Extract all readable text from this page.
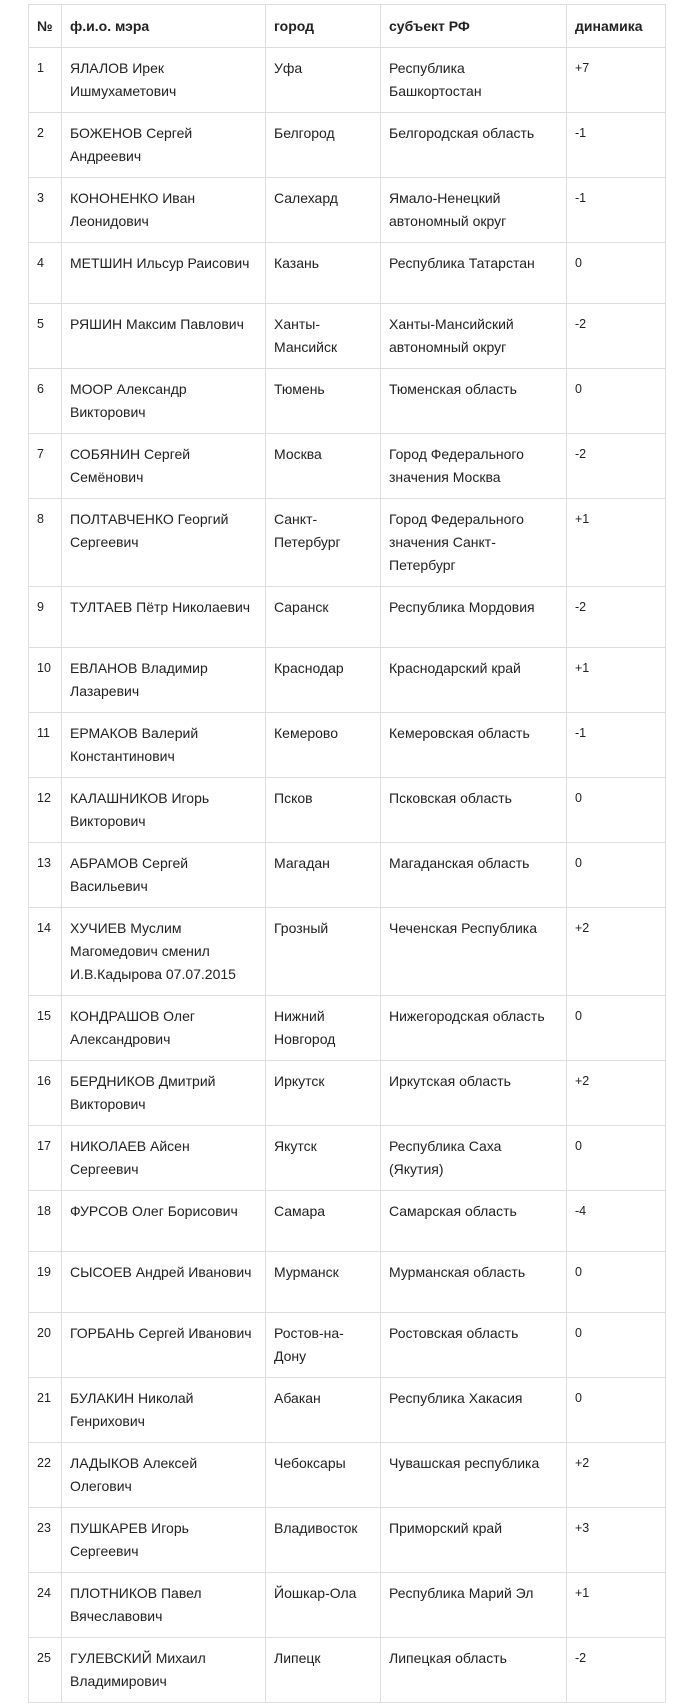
№	ф.и.о. мэра	город	субъект РФ	динамика
1	ЯЛАЛОВ Ирек Ишмухаметович	Уфа	Республика Башкортостан	+7
2	БОЖЕНОВ Сергей Андреевич	Белгород	Белгородская область	-1
3	КОНОНЕНКО Иван Леонидович	Салехард	Ямало-Ненецкий автономный округ	-1
4	МЕТШИН Ильсур Раисович	Казань	Республика Татарстан	0
5	РЯШИН Максим Павлович	Ханты-Мансийск	Ханты-Мансийский автономный округ	-2
6	МООР Александр Викторович	Тюмень	Тюменская область	0
7	СОБЯНИН Сергей Семёнович	Москва	Город Федерального значения Москва	-2
8	ПОЛТАВЧЕНКО Георгий Сергеевич	Санкт-Петербург	Город Федерального значения Санкт-Петербург	+1
9	ТУЛТАЕВ Пётр Николаевич	Саранск	Республика Мордовия	-2
10	ЕВЛАНОВ Владимир Лазаревич	Краснодар	Краснодарский край	+1
11	ЕРМАКОВ Валерий Константинович	Кемерово	Кемеровская область	-1
12	КАЛАШНИКОВ Игорь Викторович	Псков	Псковская область	0
13	АБРАМОВ Сергей Васильевич	Магадан	Магаданская область	0
14	ХУЧИЕВ Муслим Магомедович сменил И.В.Кадырова 07.07.2015	Грозный	Чеченская Республика	+2
15	КОНДРАШОВ Олег Александрович	Нижний Новгород	Нижегородская область	0
16	БЕРДНИКОВ Дмитрий Викторович	Иркутск	Иркутская область	+2
17	НИКОЛАЕВ Айсен Сергеевич	Якутск	Республика Саха (Якутия)	0
18	ФУРСОВ Олег Борисович	Самара	Самарская область	-4
19	СЫСОЕВ Андрей Иванович	Мурманск	Мурманская область	0
20	ГОРБАНЬ Сергей Иванович	Ростов-на-Дону	Ростовская область	0
21	БУЛАКИН Николай Генрихович	Абакан	Республика Хакасия	0
22	ЛАДЫКОВ Алексей Олегович	Чебоксары	Чувашская республика	+2
23	ПУШКАРЕВ Игорь Сергеевич	Владивосток	Приморский край	+3
24	ПЛОТНИКОВ Павел Вячеславович	Йошкар-Ола	Республика Марий Эл	+1
25	ГУЛЕВСКИЙ Михаил Владимирович	Липецк	Липецкая область	-2
